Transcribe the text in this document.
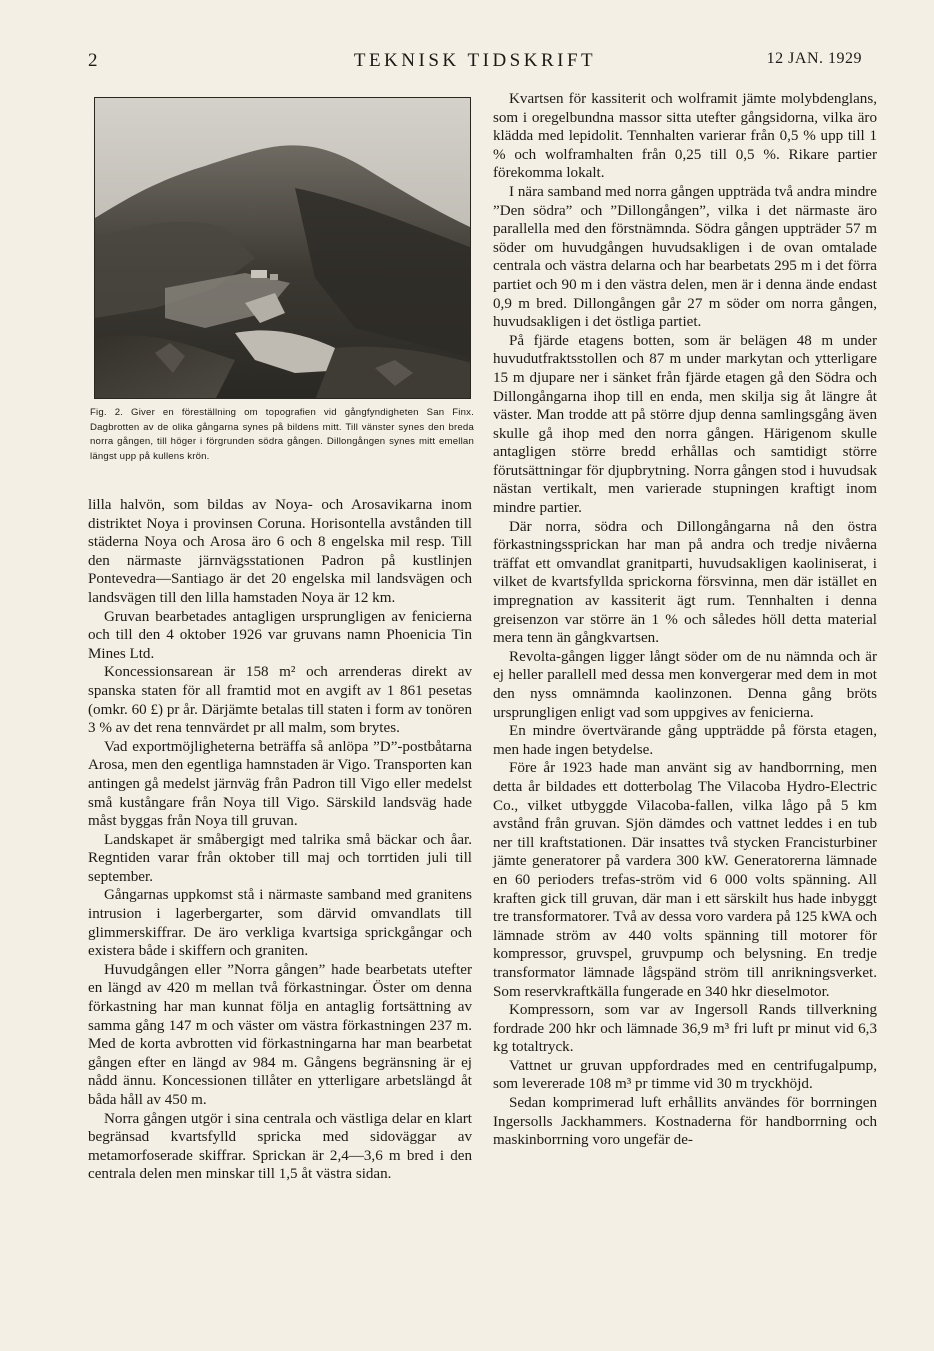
2	TEKNISK TIDSKRIFT	12 JAN. 1929
Fig. 2. Giver en föreställning om topografien vid gångfyndigheten San Finx. Dagbrotten av de olika gångarna synes på bildens mitt. Till vänster synes den breda norra gången, till höger i förgrunden södra gången. Dillongången synes mitt emellan längst upp på kullens krön.

lilla halvön, som bildas av Noya- och Arosavikarna inom distriktet Noya i provinsen Coruna. Horisontella avstånden till städerna Noya och Arosa äro 6 och 8 engelska mil resp. Till den närmaste järnvägsstationen Padron på kustlinjen Pontevedra—Santiago är det 20 engelska mil landsvägen och landsvägen till den lilla hamstaden Noya är 12 km.

Gruvan bearbetades antagligen ursprungligen av fenicierna och till den 4 oktober 1926 var gruvans namn Phoenicia Tin Mines Ltd.

Koncessionsarean är 158 m² och arrenderas direkt av spanska staten för all framtid mot en avgift av 1 861 pesetas (omkr. 60 £) pr år. Därjämte betalas till staten i form av tonören 3 % av det rena tennvärdet pr all malm, som brytes.

Vad exportmöjligheterna beträffa så anlöpa ”D”-postbåtarna Arosa, men den egentliga hamnstaden är Vigo. Transporten kan antingen gå medelst järnväg från Padron till Vigo eller medelst små kustångare från Noya till Vigo. Särskild landsväg hade måst byggas från Noya till gruvan.

Landskapet är småbergigt med talrika små bäckar och åar. Regntiden varar från oktober till maj och torrtiden juli till september.

Gångarnas uppkomst stå i närmaste samband med granitens intrusion i lagerbergarter, som därvid omvandlats till glimmerskiffrar. De äro verkliga kvartsiga sprickgångar och existera både i skiffern och graniten.

Huvudgången eller ”Norra gången” hade bearbetats utefter en längd av 420 m mellan två förkastningar. Öster om denna förkastning har man kunnat följa en antaglig fortsättning av samma gång 147 m och väster om västra förkastningen 237 m. Med de korta avbrotten vid förkastningarna har man bearbetat gången efter en längd av 984 m. Gångens begränsning är ej nådd ännu. Koncessionen tillåter en ytterligare arbetslängd åt båda håll av 450 m.

Norra gången utgör i sina centrala och västliga delar en klart begränsad kvartsfylld spricka med sidoväggar av metamorfoserade skiffrar. Sprickan är 2,4—3,6 m bred i den centrala delen men minskar till 1,5 åt västra sidan.

Kvartsen för kassiterit och wolframit jämte molybdenglans, som i oregelbundna massor sitta utefter gångsidorna, vilka äro klädda med lepidolit. Tennhalten varierar från 0,5 % upp till 1 % och wolframhalten från 0,25 till 0,5 %. Rikare partier förekomma lokalt.

I nära samband med norra gången uppträda två andra mindre ”Den södra” och ”Dillongången”, vilka i det närmaste äro parallella med den förstnämnda. Södra gången uppträder 57 m söder om huvudgången huvudsakligen i de ovan omtalade centrala och västra delarna och har bearbetats 295 m i det förra partiet och 90 m i den västra delen, men är i denna ände endast 0,9 m bred. Dillongången går 27 m söder om norra gången, huvudsakligen i det östliga partiet.

På fjärde etagens botten, som är belägen 48 m under huvudutfraktsstollen och 87 m under markytan och ytterligare 15 m djupare ner i sänket från fjärde etagen gå den Södra och Dillongångarna ihop till en enda, men skilja sig åt längre åt väster. Man trodde att på större djup denna samlingsgång även skulle gå ihop med den norra gången. Härigenom skulle antagligen större bredd erhållas och samtidigt större förutsättningar för djupbrytning. Norra gången stod i huvudsak nästan vertikalt, men varierade stupningen kraftigt inom mindre partier.

Där norra, södra och Dillongångarna nå den östra förkastningssprickan har man på andra och tredje nivåerna träffat ett omvandlat granitparti, huvudsakligen kaoliniserat, i vilket de kvartsfyllda sprickorna försvinna, men där istället en impregnation av kassiterit ägt rum. Tennhalten i denna greisenzon var större än 1 % och således höll detta material mera tenn än gångkvartsen.

Revolta-gången ligger långt söder om de nu nämnda och är ej heller parallell med dessa men konvergerar med dem in mot den nyss omnämnda kaolinzonen. Denna gång bröts ursprungligen enligt vad som uppgives av fenicierna.

En mindre övertvärande gång uppträdde på första etagen, men hade ingen betydelse.

Före år 1923 hade man använt sig av handborrning, men detta år bildades ett dotterbolag The Vilacoba Hydro-Electric Co., vilket utbyggde Vilacoba-fallen, vilka lågo på 5 km avstånd från gruvan. Sjön dämdes och vattnet leddes i en tub ner till kraftstationen. Där insattes två stycken Francisturbiner jämte generatorer på vardera 300 kW. Generatorerna lämnade en 60 perioders trefas-ström vid 6 000 volts spänning. All kraften gick till gruvan, där man i ett särskilt hus hade inbyggt tre transformatorer. Två av dessa voro vardera på 125 kWA och lämnade ström av 440 volts spänning till motorer för kompressor, gruvspel, gruvpump och belysning. En tredje transformator lämnade lågspänd ström till anrikningsverket. Som reservkraftkälla fungerade en 340 hkr dieselmotor.

Kompressorn, som var av Ingersoll Rands tillverkning fordrade 200 hkr och lämnade 36,9 m³ fri luft pr minut vid 6,3 kg totaltryck.

Vattnet ur gruvan uppfordrades med en centrifugalpump, som levererade 108 m³ pr timme vid 30 m tryckhöjd.

Sedan komprimerad luft erhållits användes för borrningen Ingersolls Jackhammers. Kostnaderna för handborrning och maskinborrning voro ungefär de-
